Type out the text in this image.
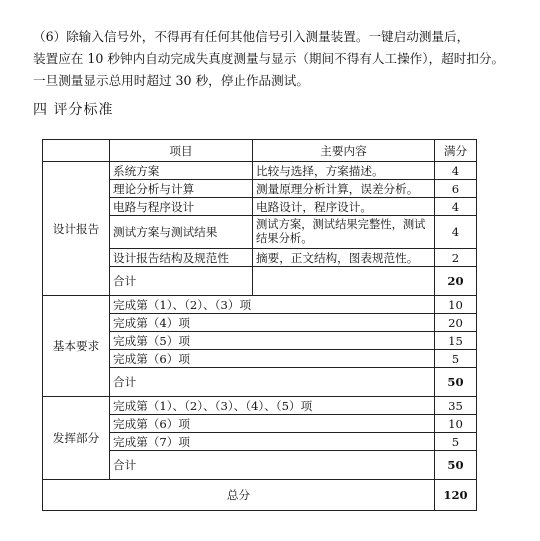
（6）除输入信号外，不得再有任何其他信号引入测量装置。一键启动测量后，
装置应在 10 秒钟内自动完成失真度测量与显示（期间不得有人工操作），超时扣分。
一旦测量显示总用时超过 30 秒，停止作品测试。
四 评分标准
	项目	主要内容	满分
设计报告	系统方案	比较与选择，方案描述。	4
	理论分析与计算	测量原理分析计算，误差分析。	6
	电路与程序设计	电路设计，程序设计。	4
	测试方案与测试结果	测试方案，测试结果完整性，测试结果分析。	4
	设计报告结构及规范性	摘要，正文结构，图表规范性。	2
	合计		20
基本要求	完成第（1）、（2）、（3）项		10
	完成第（4）项		20
	完成第（5）项		15
	完成第（6）项		5
	合计		50
发挥部分	完成第（1）、（2）、（3）、（4）、（5）项		35
	完成第（6）项		10
	完成第（7）项		5
	合计		50
总分			120
